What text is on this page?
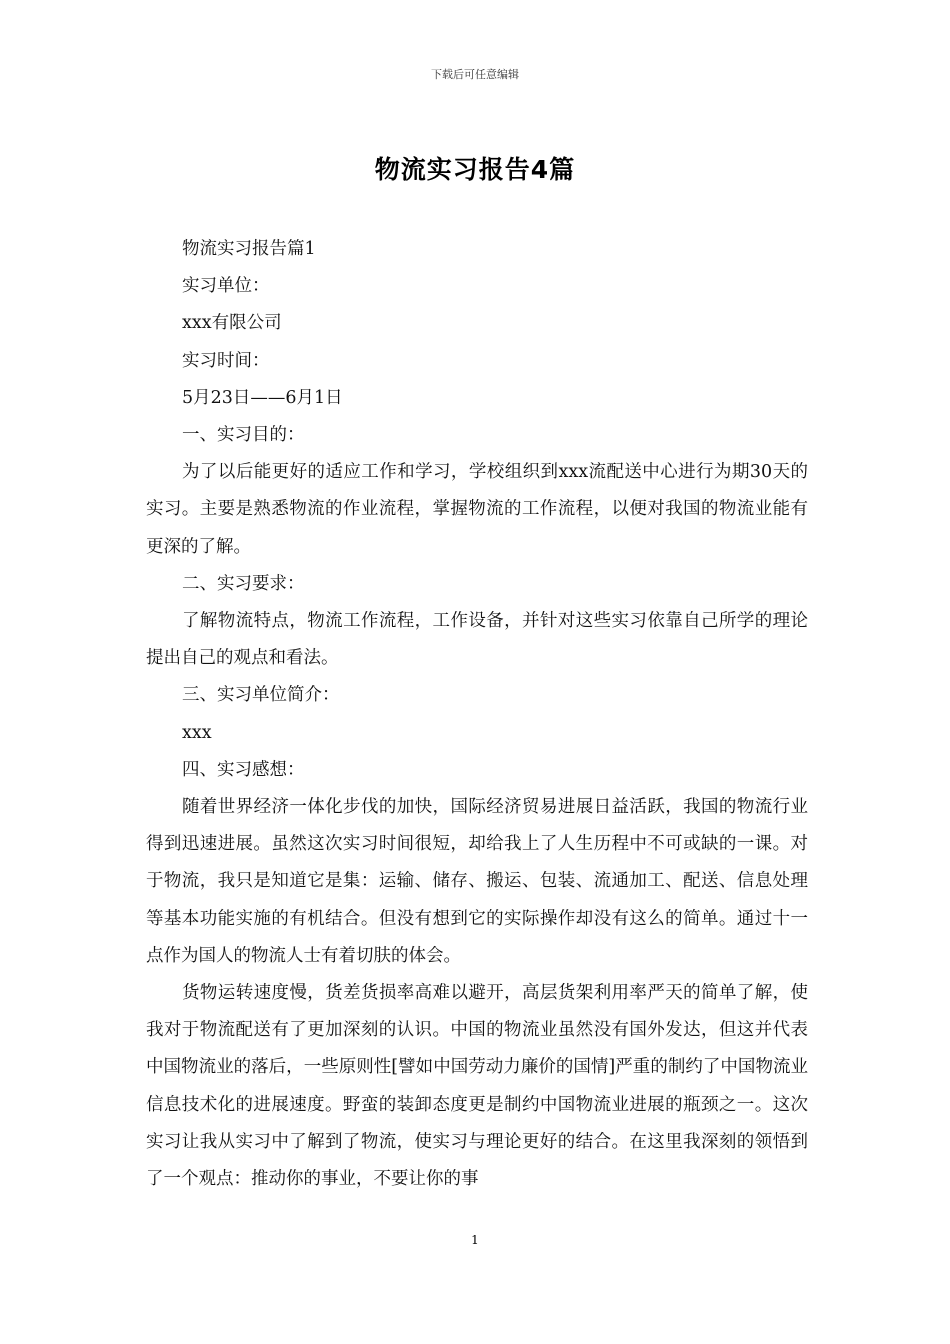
下载后可任意编辑
物流实习报告4篇

物流实习报告篇1

实习单位：

xxx有限公司

实习时间：

5月23日——6月1日

一、实习目的：

为了以后能更好的适应工作和学习，学校组织到xxx流配送中心进行为期30天的实习。主要是熟悉物流的作业流程，掌握物流的工作流程，以便对我国的物流业能有更深的了解。

二、实习要求：

了解物流特点，物流工作流程，工作设备，并针对这些实习依靠自己所学的理论提出自己的观点和看法。

三、实习单位简介：

xxx

四、实习感想：

随着世界经济一体化步伐的加快，国际经济贸易进展日益活跃，我国的物流行业得到迅速进展。虽然这次实习时间很短，却给我上了人生历程中不可或缺的一课。对于物流，我只是知道它是集：运输、储存、搬运、包装、流通加工、配送、信息处理等基本功能实施的有机结合。但没有想到它的实际操作却没有这么的简单。通过十一点作为国人的物流人士有着切肤的体会。

货物运转速度慢，货差货损率高难以避开，高层货架利用率严天的简单了解，使我对于物流配送有了更加深刻的认识。中国的物流业虽然没有国外发达，但这并代表中国物流业的落后，一些原则性[譬如中国劳动力廉价的国情]严重的制约了中国物流业信息技术化的进展速度。野蛮的装卸态度更是制约中国物流业进展的瓶颈之一。这次实习让我从实习中了解到了物流，使实习与理论更好的结合。在这里我深刻的领悟到了一个观点：推动你的事业，不要让你的事

1
